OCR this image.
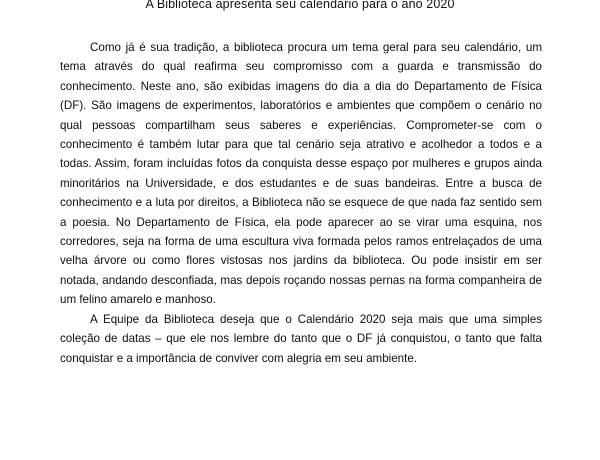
A Biblioteca apresenta seu calendário para o ano 2020

Como já é sua tradição, a biblioteca procura um tema geral para seu calendário, um tema através do qual reafirma seu compromisso com a guarda e transmissão do conhecimento. Neste ano, são exibidas imagens do dia a dia do Departamento de Física (DF). São imagens de experimentos, laboratórios e ambientes que compõem o cenário no qual pessoas compartilham seus saberes e experiências. Comprometer-se com o conhecimento é também lutar para que tal cenário seja atrativo e acolhedor a todos e a todas. Assim, foram incluídas fotos da conquista desse espaço por mulheres e grupos ainda minoritários na Universidade, e dos estudantes e de suas bandeiras. Entre a busca de conhecimento e a luta por direitos, a Biblioteca não se esquece de que nada faz sentido sem a poesia. No Departamento de Física, ela pode aparecer ao se virar uma esquina, nos corredores, seja na forma de uma escultura viva formada pelos ramos entrelaçados de uma velha árvore ou como flores vistosas nos jardins da biblioteca. Ou pode insistir em ser notada, andando desconfiada, mas depois roçando nossas pernas na forma companheira de um felino amarelo e manhoso.

A Equipe da Biblioteca deseja que o Calendário 2020 seja mais que uma simples coleção de datas – que ele nos lembre do tanto que o DF já conquistou, o tanto que falta conquistar e a importância de conviver com alegria em seu ambiente.
